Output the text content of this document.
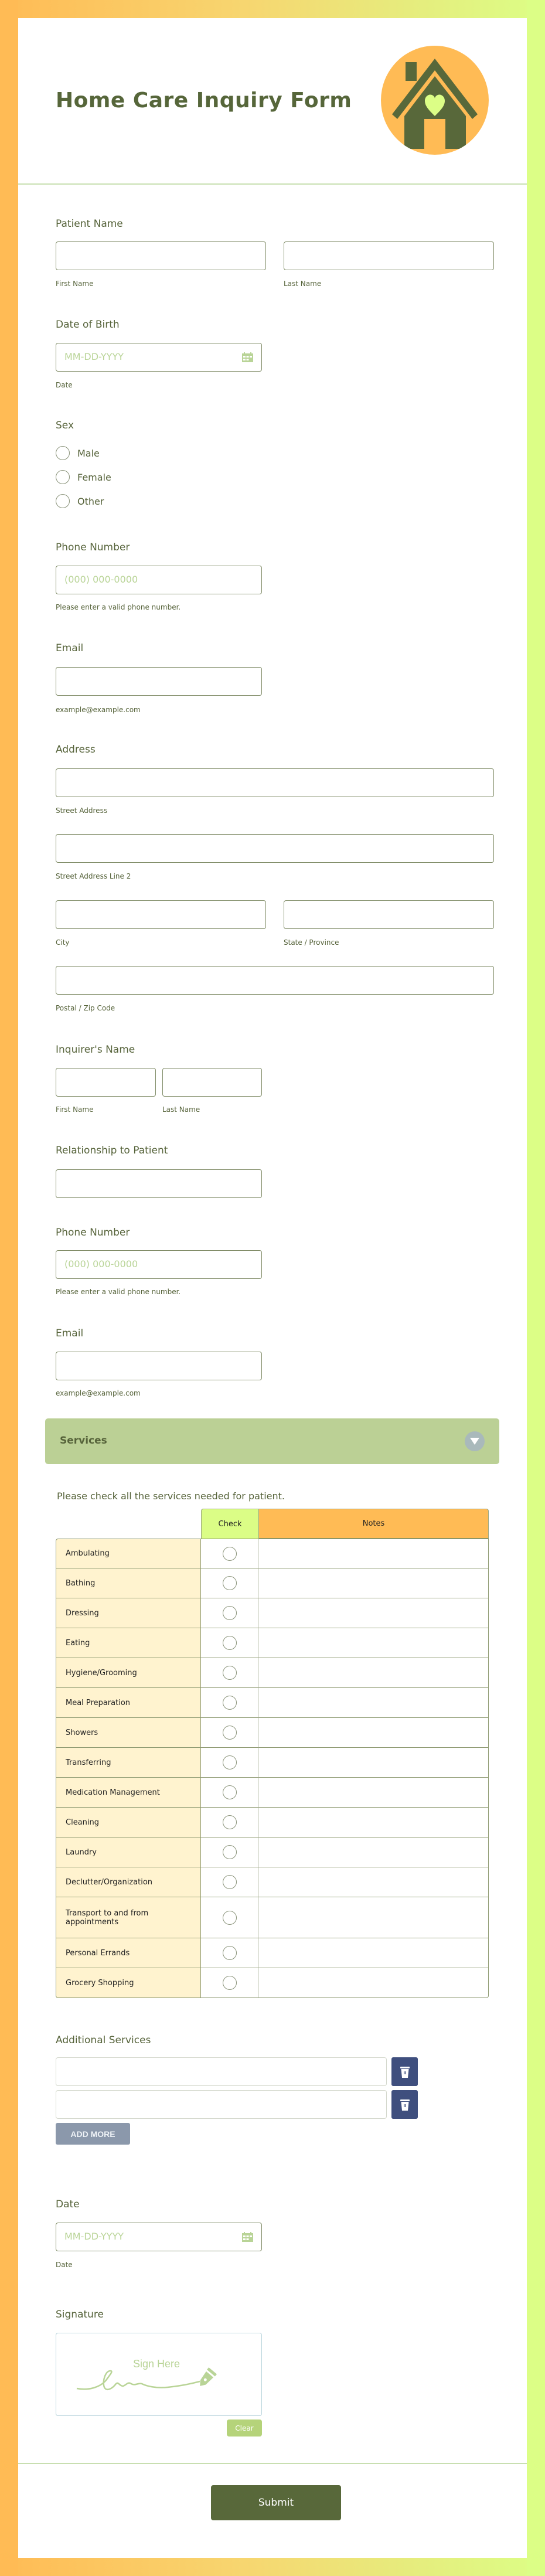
Home Care Inquiry Form
Patient Name
First Name	Last Name
Date of Birth
MM-DD-YYYY
Date
Sex
Male
Female
Other
Phone Number
(000) 000-0000
Please enter a valid phone number.
Email
example@example.com
Address
Street Address
Street Address Line 2
City	State / Province
Postal / Zip Code
Inquirer's Name
First Name	Last Name
Relationship to Patient
Phone Number
(000) 000-0000
Please enter a valid phone number.
Email
example@example.com
Services
Please check all the services needed for patient.
	Check	Notes
Ambulating		
Bathing		
Dressing		
Eating		
Hygiene/Grooming		
Meal Preparation		
Showers		
Transferring		
Medication Management		
Cleaning		
Laundry		
Declutter/Organization		
Transport to and from appointments		
Personal Errands		
Grocery Shopping		
Additional Services
ADD MORE
Date
MM-DD-YYYY
Date
Signature
Sign Here
Clear
Submit
